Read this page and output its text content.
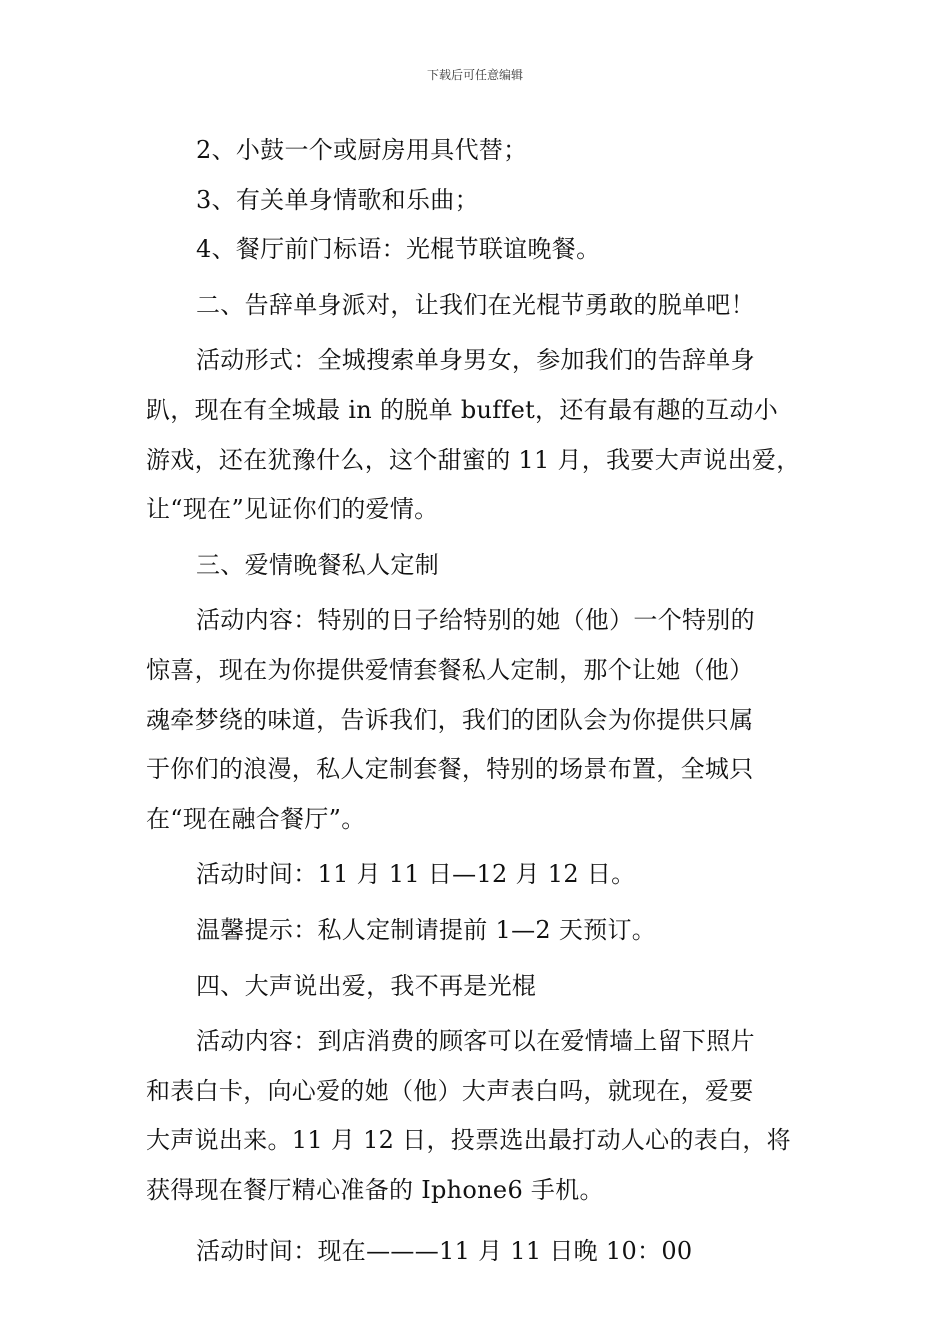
下载后可任意编辑

2、小鼓一个或厨房用具代替；

3、有关单身情歌和乐曲；

4、餐厅前门标语：光棍节联谊晚餐。

二、告辞单身派对，让我们在光棍节勇敢的脱单吧！

活动形式：全城搜索单身男女，参加我们的告辞单身

趴，现在有全城最 in 的脱单 buffet，还有最有趣的互动小

游戏，还在犹豫什么，这个甜蜜的 11 月，我要大声说出爱，

让“现在”见证你们的爱情。

三、爱情晚餐私人定制

活动内容：特别的日子给特别的她（他）一个特别的

惊喜，现在为你提供爱情套餐私人定制，那个让她（他）

魂牵梦绕的味道，告诉我们，我们的团队会为你提供只属

于你们的浪漫，私人定制套餐，特别的场景布置，全城只

在“现在融合餐厅”。

活动时间：11 月 11 日—12 月 12 日。

温馨提示：私人定制请提前 1—2 天预订。

四、大声说出爱，我不再是光棍

活动内容：到店消费的顾客可以在爱情墙上留下照片

和表白卡，向心爱的她（他）大声表白吗，就现在，爱要

大声说出来。11 月 12 日，投票选出最打动人心的表白，将

获得现在餐厅精心准备的 Iphone6 手机。

活动时间：现在———11 月 11 日晚 10：00
